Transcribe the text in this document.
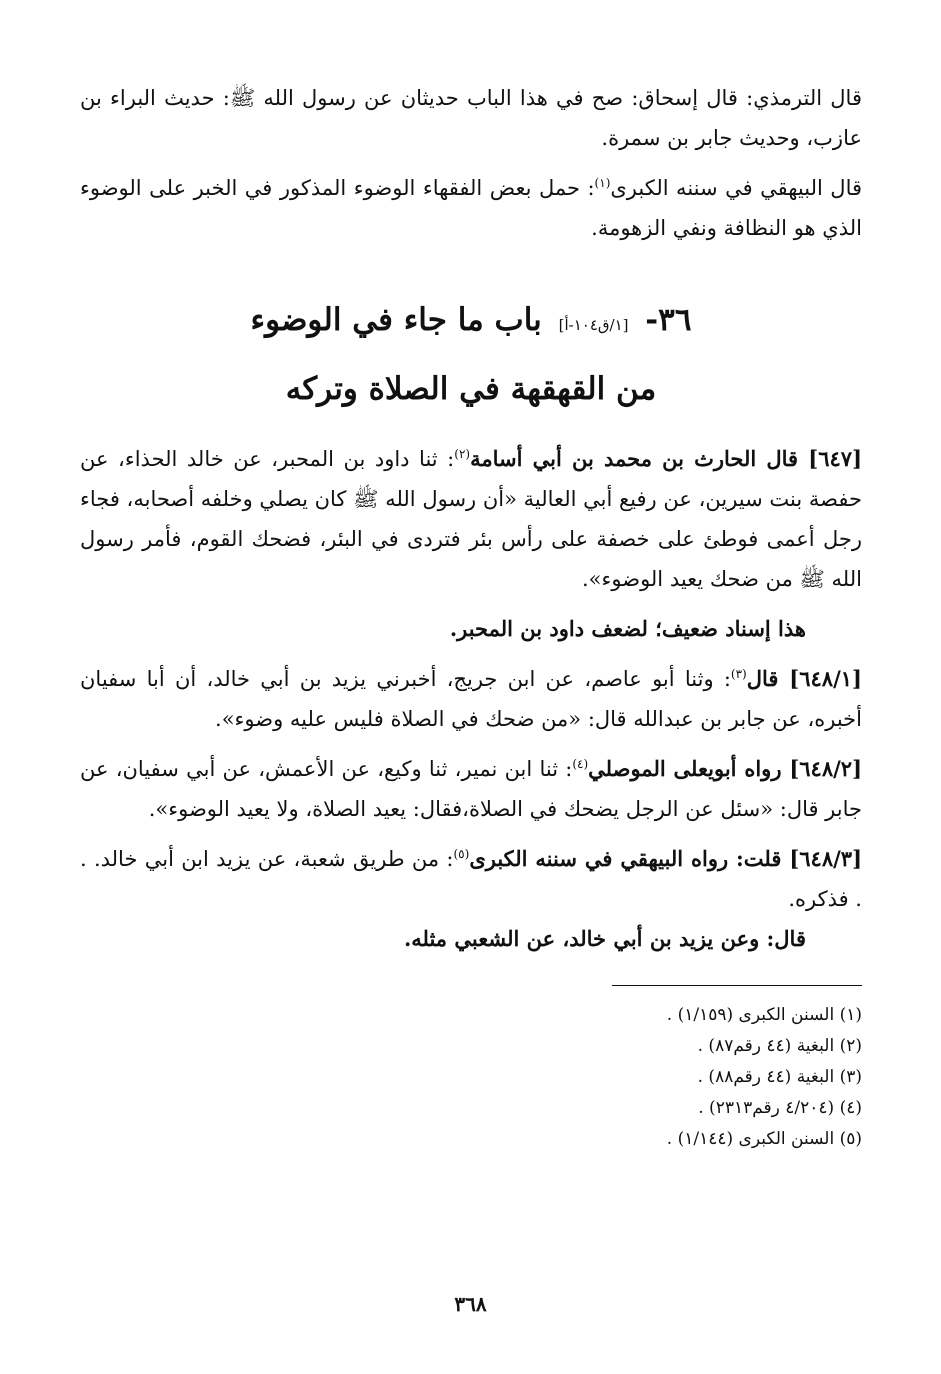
قال الترمذي: قال إسحاق: صح في هذا الباب حديثان عن رسول الله ﷺ: حديث البراء بن عازب، وحديث جابر بن سمرة.

قال البيهقي في سننه الكبرى$^{(١)}$: حمل بعض الفقهاء الوضوء المذكور في الخبر على الوضوء الذي هو النظافة ونفي الزهومة.

٣٦- [١/ق١٠٤-أ] باب ما جاء في الوضوء
من القهقهة في الصلاة وتركه

[٦٤٧] قال الحارث بن محمد بن أبي أسامة$^{(٢)}$: ثنا داود بن المحبر، عن خالد الحذاء، عن حفصة بنت سيرين، عن رفيع أبي العالية «أن رسول الله ﷺ كان يصلي وخلفه أصحابه، فجاء رجل أعمى فوطئ على خصفة على رأس بئر فتردى في البئر، فضحك القوم، فأمر رسول الله ﷺ من ضحك يعيد الوضوء».

هذا إسناد ضعيف؛ لضعف داود بن المحبر.

[٦٤٨/١] قال$^{(٣)}$: وثنا أبو عاصم، عن ابن جريج، أخبرني يزيد بن أبي خالد، أن أبا سفيان أخبره، عن جابر بن عبدالله قال: «من ضحك في الصلاة فليس عليه وضوء».

[٦٤٨/٢] رواه أبويعلى الموصلي$^{(٤)}$: ثنا ابن نمير، ثنا وكيع، عن الأعمش، عن أبي سفيان، عن جابر قال: «سئل عن الرجل يضحك في الصلاة،فقال: يعيد الصلاة، ولا يعيد الوضوء».

[٦٤٨/٣] قلت: رواه البيهقي في سننه الكبرى$^{(٥)}$: من طريق شعبة، عن يزيد ابن أبي خالد. . . فذكره.

قال: وعن يزيد بن أبي خالد، عن الشعبي مثله.

(١) السنن الكبرى (١/١٥٩) .
(٢) البغية (٤٤ رقم٨٧) .
(٣) البغية (٤٤ رقم٨٨) .
(٤) (٤/٢٠٤ رقم٢٣١٣) .
(٥) السنن الكبرى (١/١٤٤) .
٣٦٨
